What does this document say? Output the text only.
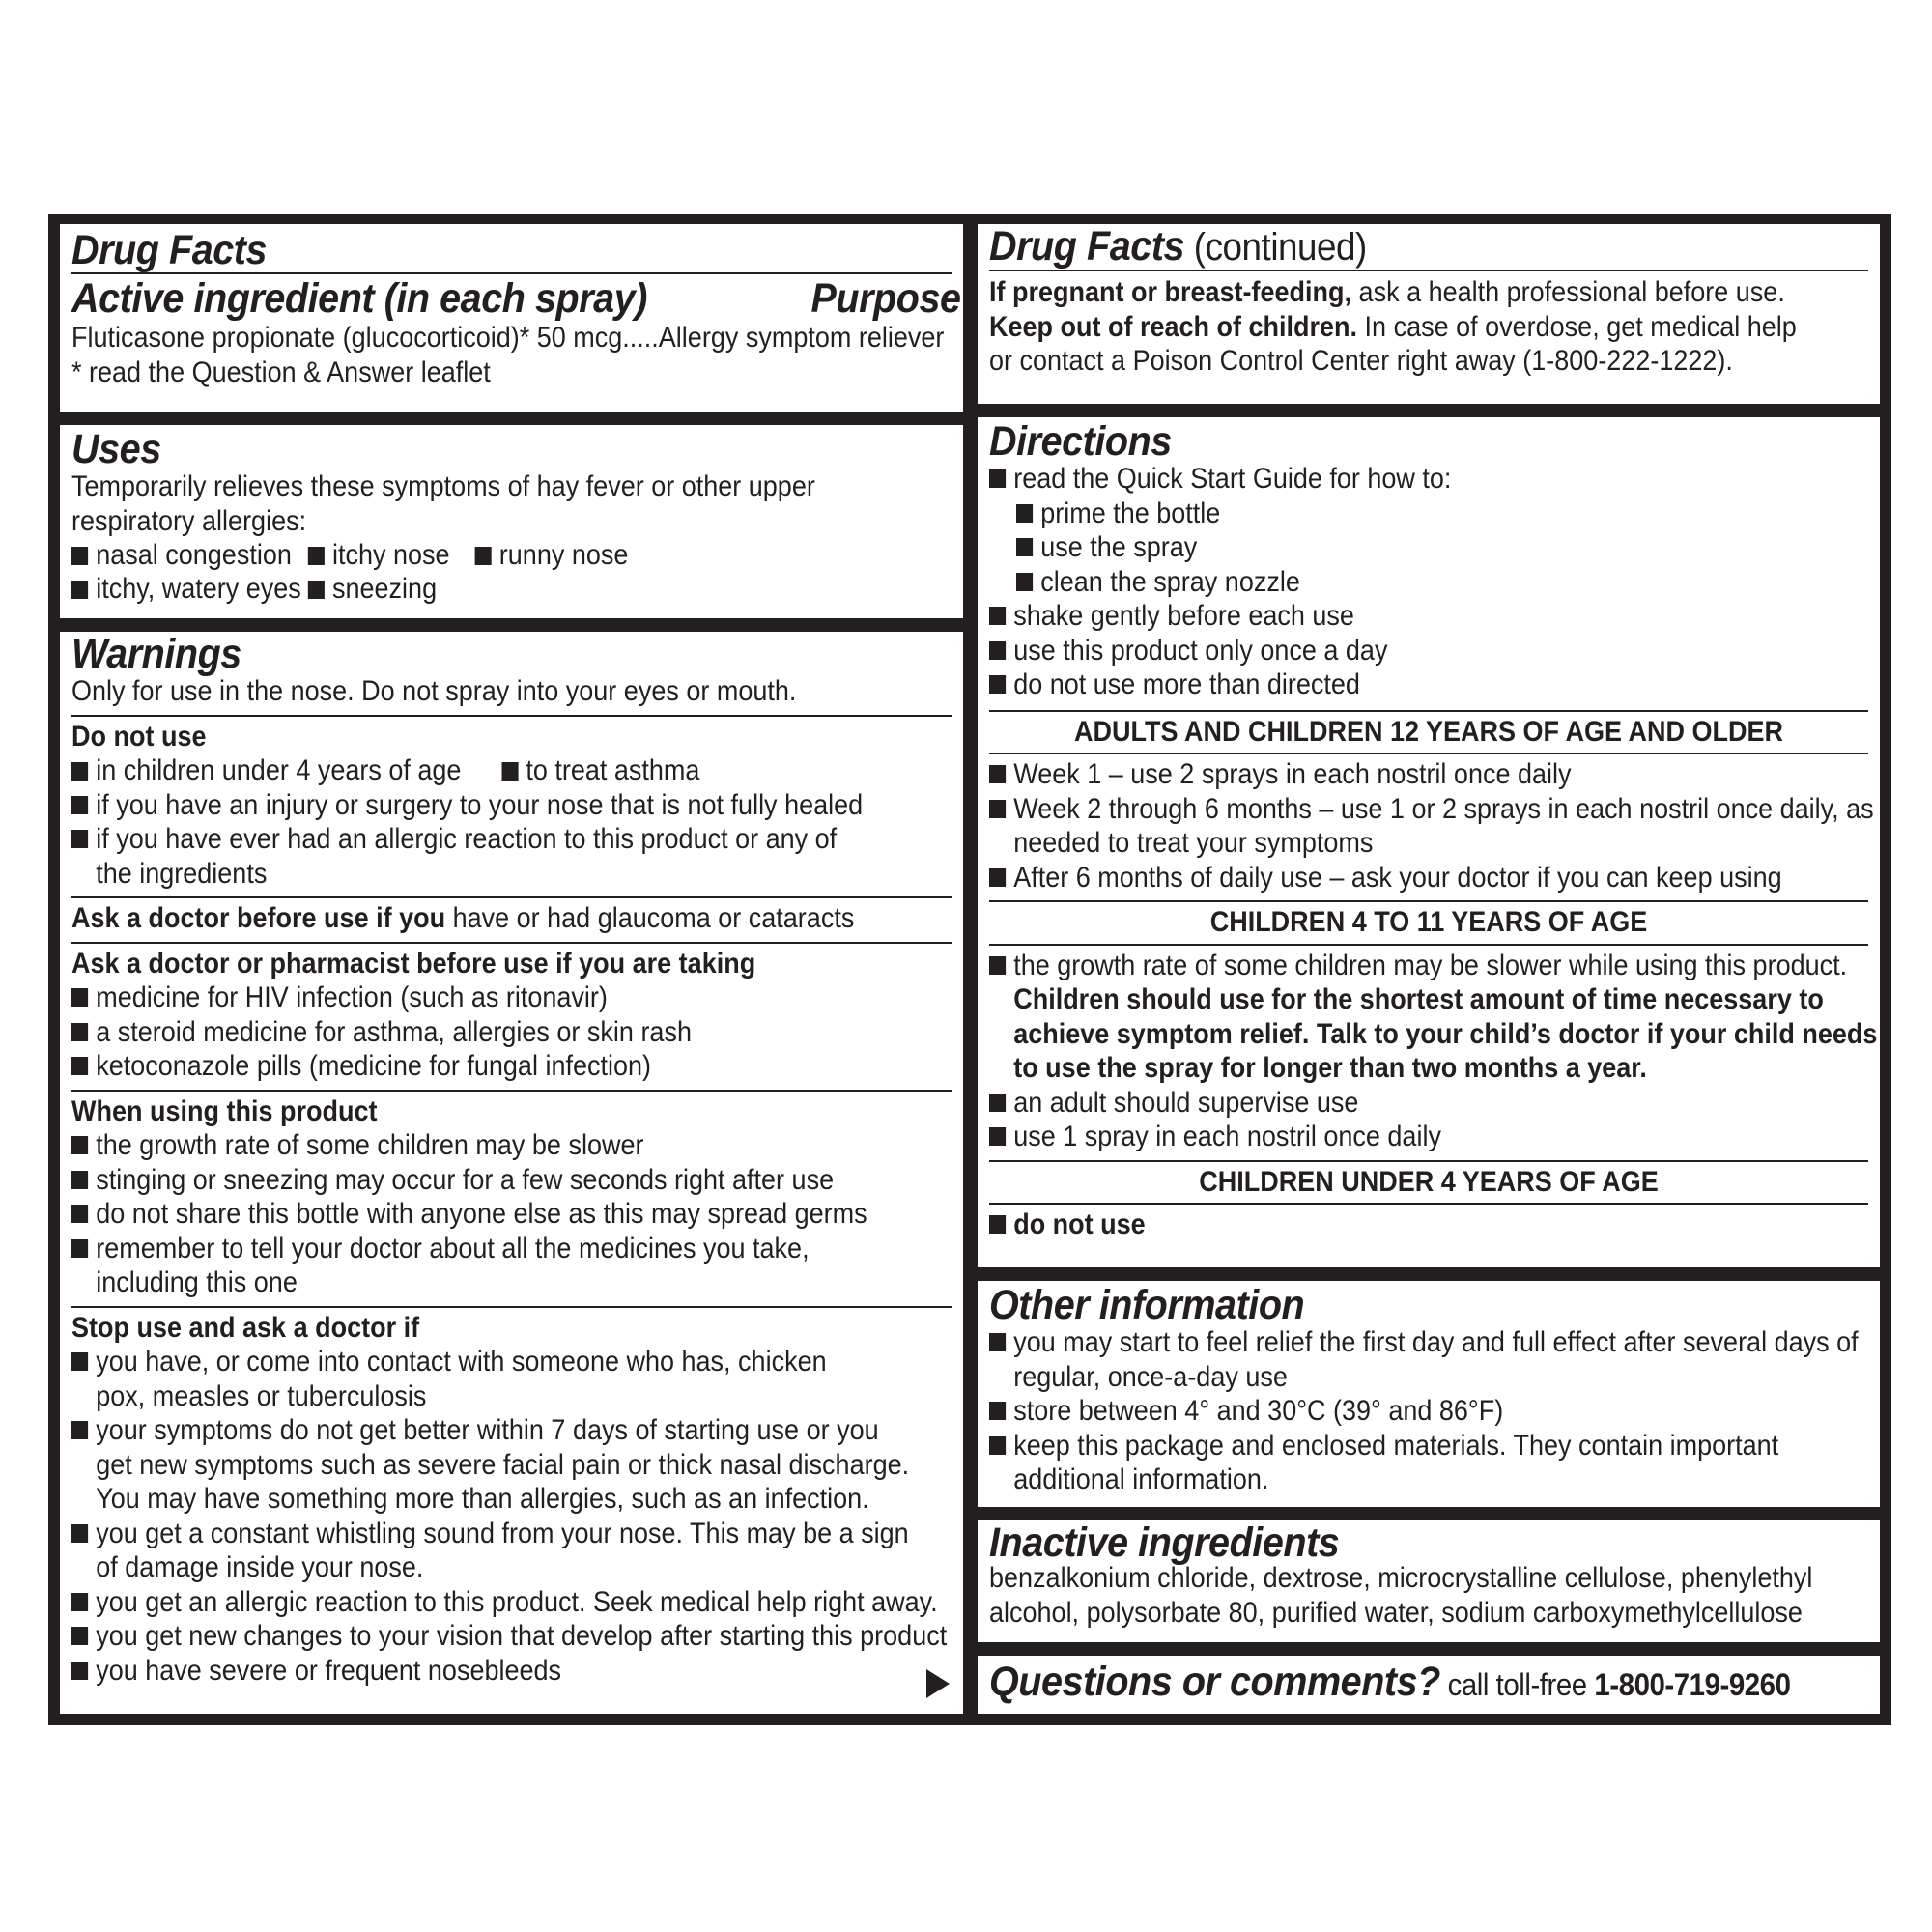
Drug Facts
Active ingredient (in each spray)	Purpose
Fluticasone propionate (glucocorticoid)* 50 mcg.....Allergy symptom reliever
* read the Question & Answer leaflet
Uses
Temporarily relieves these symptoms of hay fever or other upper respiratory allergies:
nasal congestion	itchy nose	runny nose
itchy, watery eyes	sneezing
Warnings
Only for use in the nose. Do not spray into your eyes or mouth.
Do not use
in children under 4 years of age to treat asthma
if you have an injury or surgery to your nose that is not fully healed
if you have ever had an allergic reaction to this product or any of the ingredients
Ask a doctor before use if you have or had glaucoma or cataracts
Ask a doctor or pharmacist before use if you are taking
medicine for HIV infection (such as ritonavir)
a steroid medicine for asthma, allergies or skin rash
ketoconazole pills (medicine for fungal infection)
When using this product
the growth rate of some children may be slower
stinging or sneezing may occur for a few seconds right after use
do not share this bottle with anyone else as this may spread germs
remember to tell your doctor about all the medicines you take, including this one
Stop use and ask a doctor if
you have, or come into contact with someone who has, chicken pox, measles or tuberculosis
your symptoms do not get better within 7 days of starting use or you get new symptoms such as severe facial pain or thick nasal discharge. You may have something more than allergies, such as an infection.
you get a constant whistling sound from your nose. This may be a sign of damage inside your nose.
you get an allergic reaction to this product. Seek medical help right away.
you get new changes to your vision that develop after starting this product
you have severe or frequent nosebleeds
Drug Facts (continued)
If pregnant or breast-feeding, ask a health professional before use.
Keep out of reach of children. In case of overdose, get medical help or contact a Poison Control Center right away (1-800-222-1222).
Directions
read the Quick Start Guide for how to:
prime the bottle
use the spray
clean the spray nozzle
shake gently before each use
use this product only once a day
do not use more than directed
ADULTS AND CHILDREN 12 YEARS OF AGE AND OLDER
Week 1 – use 2 sprays in each nostril once daily
Week 2 through 6 months – use 1 or 2 sprays in each nostril once daily, as needed to treat your symptoms
After 6 months of daily use – ask your doctor if you can keep using
CHILDREN 4 TO 11 YEARS OF AGE
the growth rate of some children may be slower while using this product.
Children should use for the shortest amount of time necessary to achieve symptom relief. Talk to your child’s doctor if your child needs to use the spray for longer than two months a year.
an adult should supervise use
use 1 spray in each nostril once daily
CHILDREN UNDER 4 YEARS OF AGE
do not use
Other information
you may start to feel relief the first day and full effect after several days of regular, once-a-day use
store between 4° and 30°C (39° and 86°F)
keep this package and enclosed materials. They contain important additional information.
Inactive ingredients
benzalkonium chloride, dextrose, microcrystalline cellulose, phenylethyl alcohol, polysorbate 80, purified water, sodium carboxymethylcellulose
Questions or comments? call toll-free 1-800-719-9260
